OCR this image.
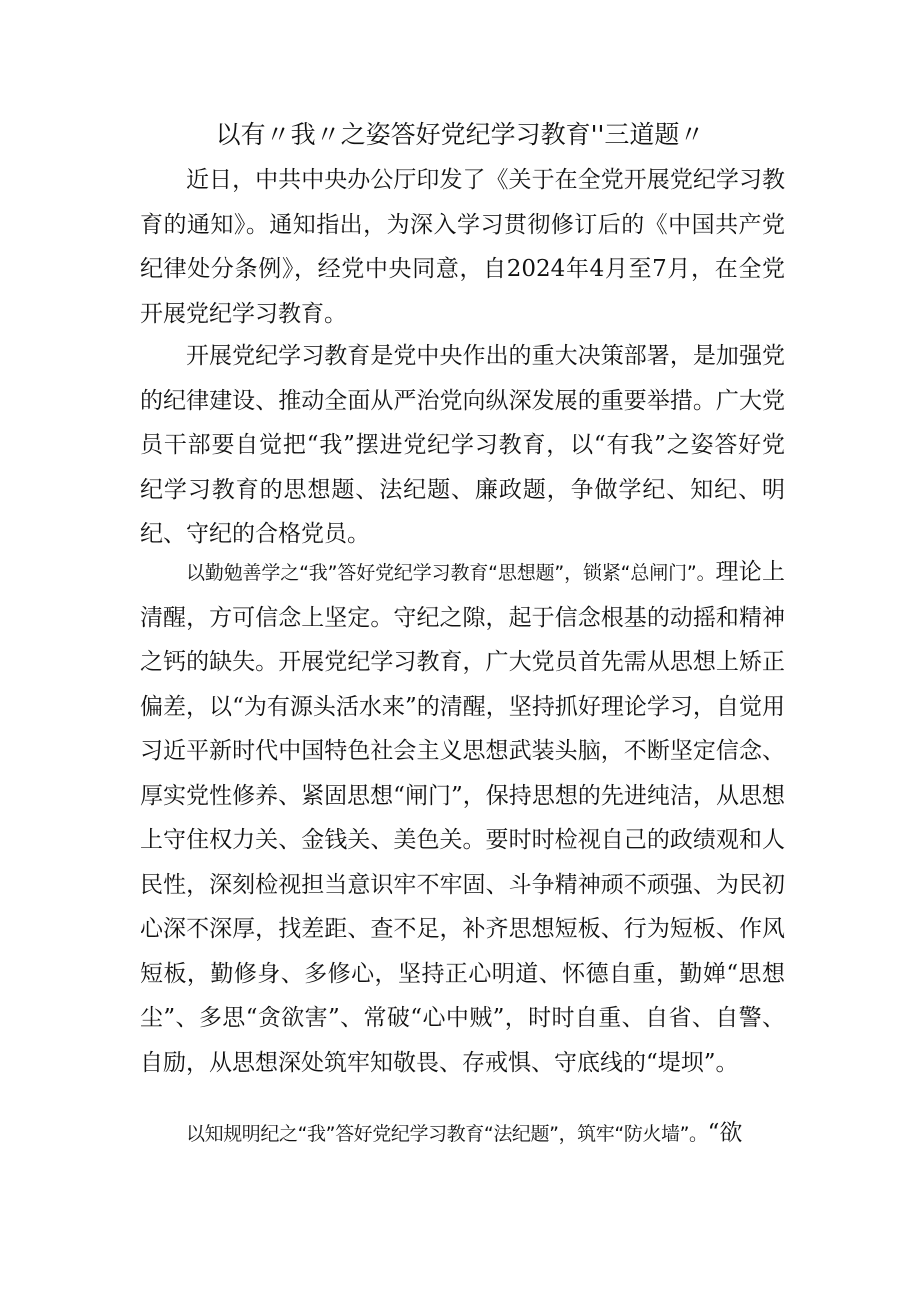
以有〃我〃之姿答好党纪学习教育''三道题〃

近日，中共中央办公厅印发了《关于在全党开展党纪学习教育的通知》。通知指出，为深入学习贯彻修订后的《中国共产党纪律处分条例》，经党中央同意，自2024年4月至7月，在全党开展党纪学习教育。

开展党纪学习教育是党中央作出的重大决策部署，是加强党的纪律建设、推动全面从严治党向纵深发展的重要举措。广大党员干部要自觉把“我”摆进党纪学习教育，以“有我”之姿答好党纪学习教育的思想题、法纪题、廉政题，争做学纪、知纪、明纪、守纪的合格党员。

以勤勉善学之“我”答好党纪学习教育“思想题”，锁紧“总闸门”。理论上清醒，方可信念上坚定。守纪之隙，起于信念根基的动摇和精神之钙的缺失。开展党纪学习教育，广大党员首先需从思想上矫正偏差，以“为有源头活水来”的清醒，坚持抓好理论学习，自觉用习近平新时代中国特色社会主义思想武装头脑，不断坚定信念、厚实党性修养、紧固思想“闸门”，保持思想的先进纯洁，从思想上守住权力关、金钱关、美色关。要时时检视自己的政绩观和人民性，深刻检视担当意识牢不牢固、斗争精神顽不顽强、为民初心深不深厚，找差距、查不足，补齐思想短板、行为短板、作风短板，勤修身、多修心，坚持正心明道、怀德自重，勤婵“思想尘”、多思“贪欲害”、常破“心中贼”，时时自重、自省、自警、自励，从思想深处筑牢知敬畏、存戒惧、守底线的“堤坝”。

以知规明纪之“我”答好党纪学习教育“法纪题”，筑牢“防火墙”。“欲
